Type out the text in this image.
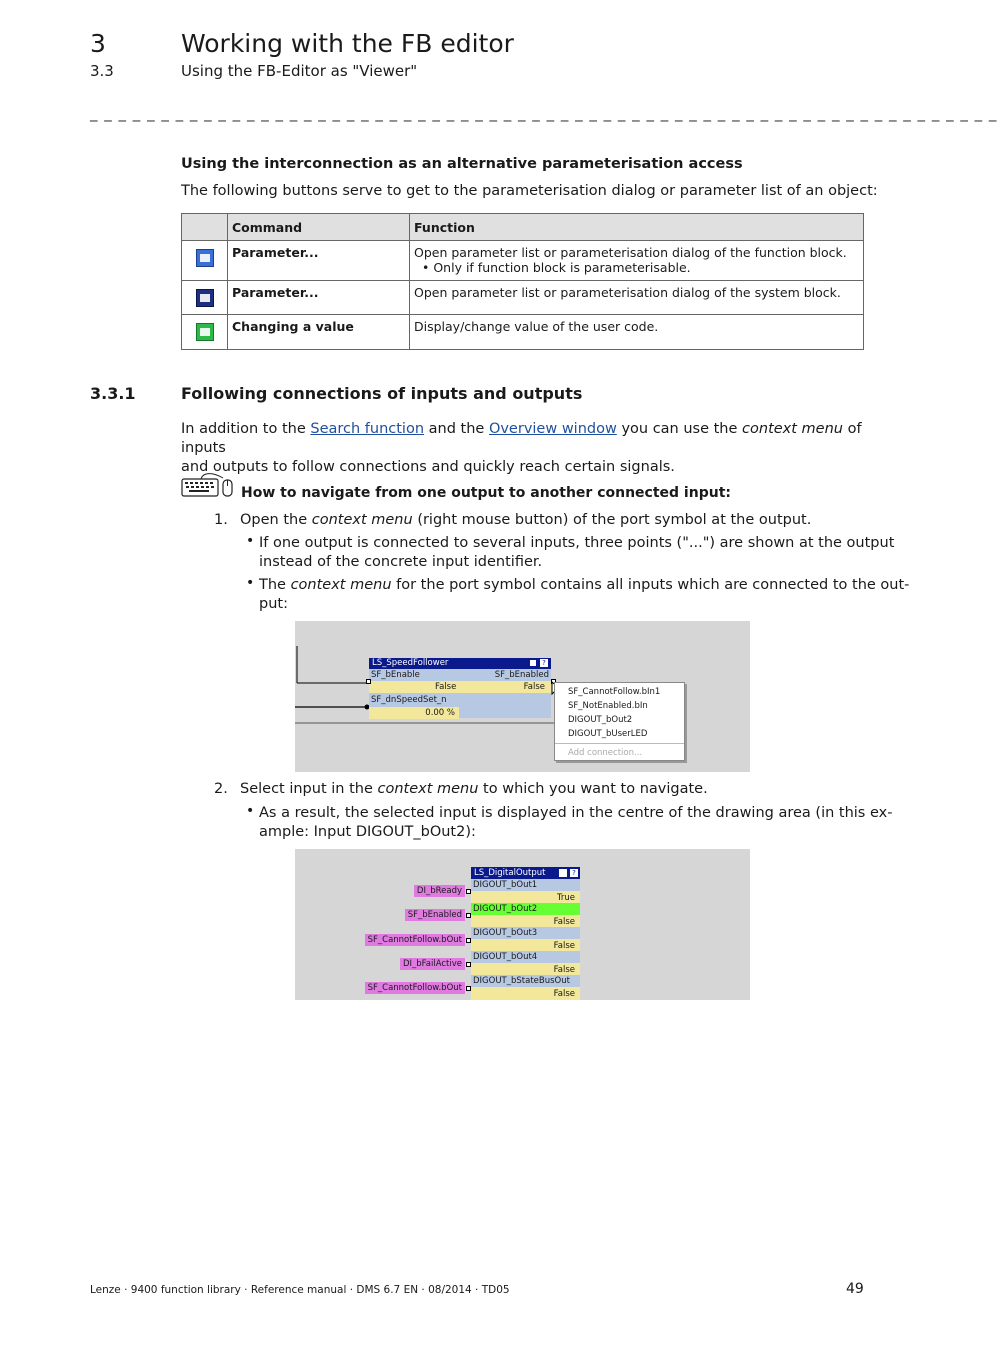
3	Working with the FB editor
3.3	Using the FB-Editor as "Viewer"
_ _ _ _ _ _ _ _ _ _ _ _ _ _ _ _ _ _ _ _ _ _ _ _ _ _ _ _ _ _ _ _ _ _ _ _ _ _ _ _ _ _ _ _ _ _ _ _ _ _ _ _ _ _ _ _ _ _ _ _ _ _ _ _
Using the interconnection as an alternative parameterisation access
The following buttons serve to get to the parameterisation dialog or parameter list of an object:
	Command	Function

	Parameter...	Open parameter list or parameterisation dialog of the function block.
• Only if function block is parameterisable.

	Parameter...	Open parameter list or parameterisation dialog of the system block.

	Changing a value	Display/change value of the user code.
3.3.1	Following connections of inputs and outputs
In addition to the Search function and the Overview window you can use the context menu of inputs
and outputs to follow connections and quickly reach certain signals.
How to navigate from one output to another connected input:
1. Open the context menu (right mouse button) of the port symbol at the output.
• If one output is connected to several inputs, three points ("...") are shown at the output
instead of the concrete input identifier.
• The context menu for the port symbol contains all inputs which are connected to the out-
put:
LS_SpeedFollower	?
SF_bEnable	SF_bEnabled
False	False
SF_dnSpeedSet_n
0.00 %
SF_CannotFollow.bIn1
SF_NotEnabled.bIn
DIGOUT_bOut2
DIGOUT_bUserLED
Add connection...
2. Select input in the context menu to which you want to navigate.
• As a result, the selected input is displayed in the centre of the drawing area (in this ex-
ample: Input DIGOUT_bOut2):
LS_DigitalOutput	?
DIGOUT_bOut1
True
DIGOUT_bOut2
False
DIGOUT_bOut3
False
DIGOUT_bOut4
False
DIGOUT_bStateBusOut
False
DI_bReady
SF_bEnabled
SF_CannotFollow.bOut
DI_bFailActive
SF_CannotFollow.bOut
Lenze · 9400 function library · Reference manual · DMS 6.7 EN · 08/2014 · TD05	49
